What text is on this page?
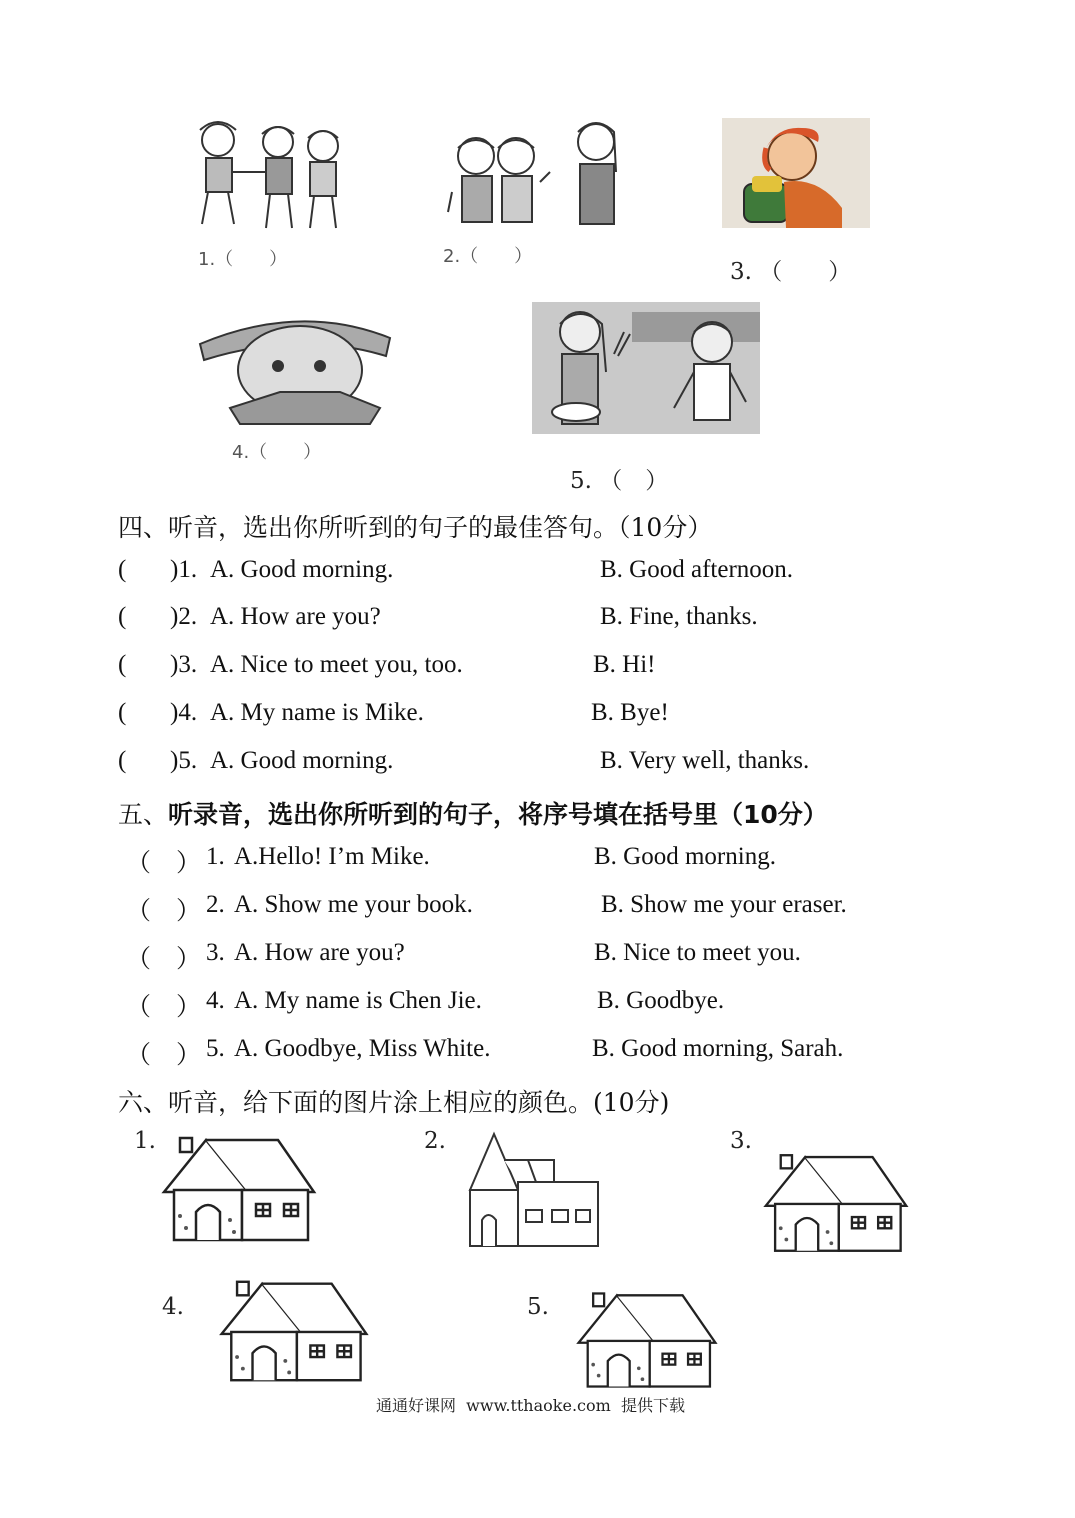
1.（　　）	2.（　　）
3. （　　）
4.（　　）
5. （　）
四、听音，选出你所听到的句子的最佳答句。（10分）
( )1. A. Good morning.	B. Good afternoon.
( )2. A. How are you?	B. Fine, thanks.
( )3. A. Nice to meet you, too.	B. Hi!
( )4. A. My name is Mike.	B. Bye!
( )5. A. Good morning.	B. Very well, thanks.
五、听录音，选出你所听到的句子，将序号填在括号里（10分）
（　） 1. A.Hello! I’m Mike.	B. Good morning.
（　） 2. A. Show me your book.	B. Show me your eraser.
（　） 3. A. How are you?	B. Nice to meet you.
（　） 4. A. My name is Chen Jie.	B. Goodbye.
（　） 5. A. Goodbye, Miss White.	B. Good morning, Sarah.
六、听音，给下面的图片涂上相应的颜色。(10分)
1.	2.	3.
4.	5.
通通好课网  www.tthaoke.com  提供下载
